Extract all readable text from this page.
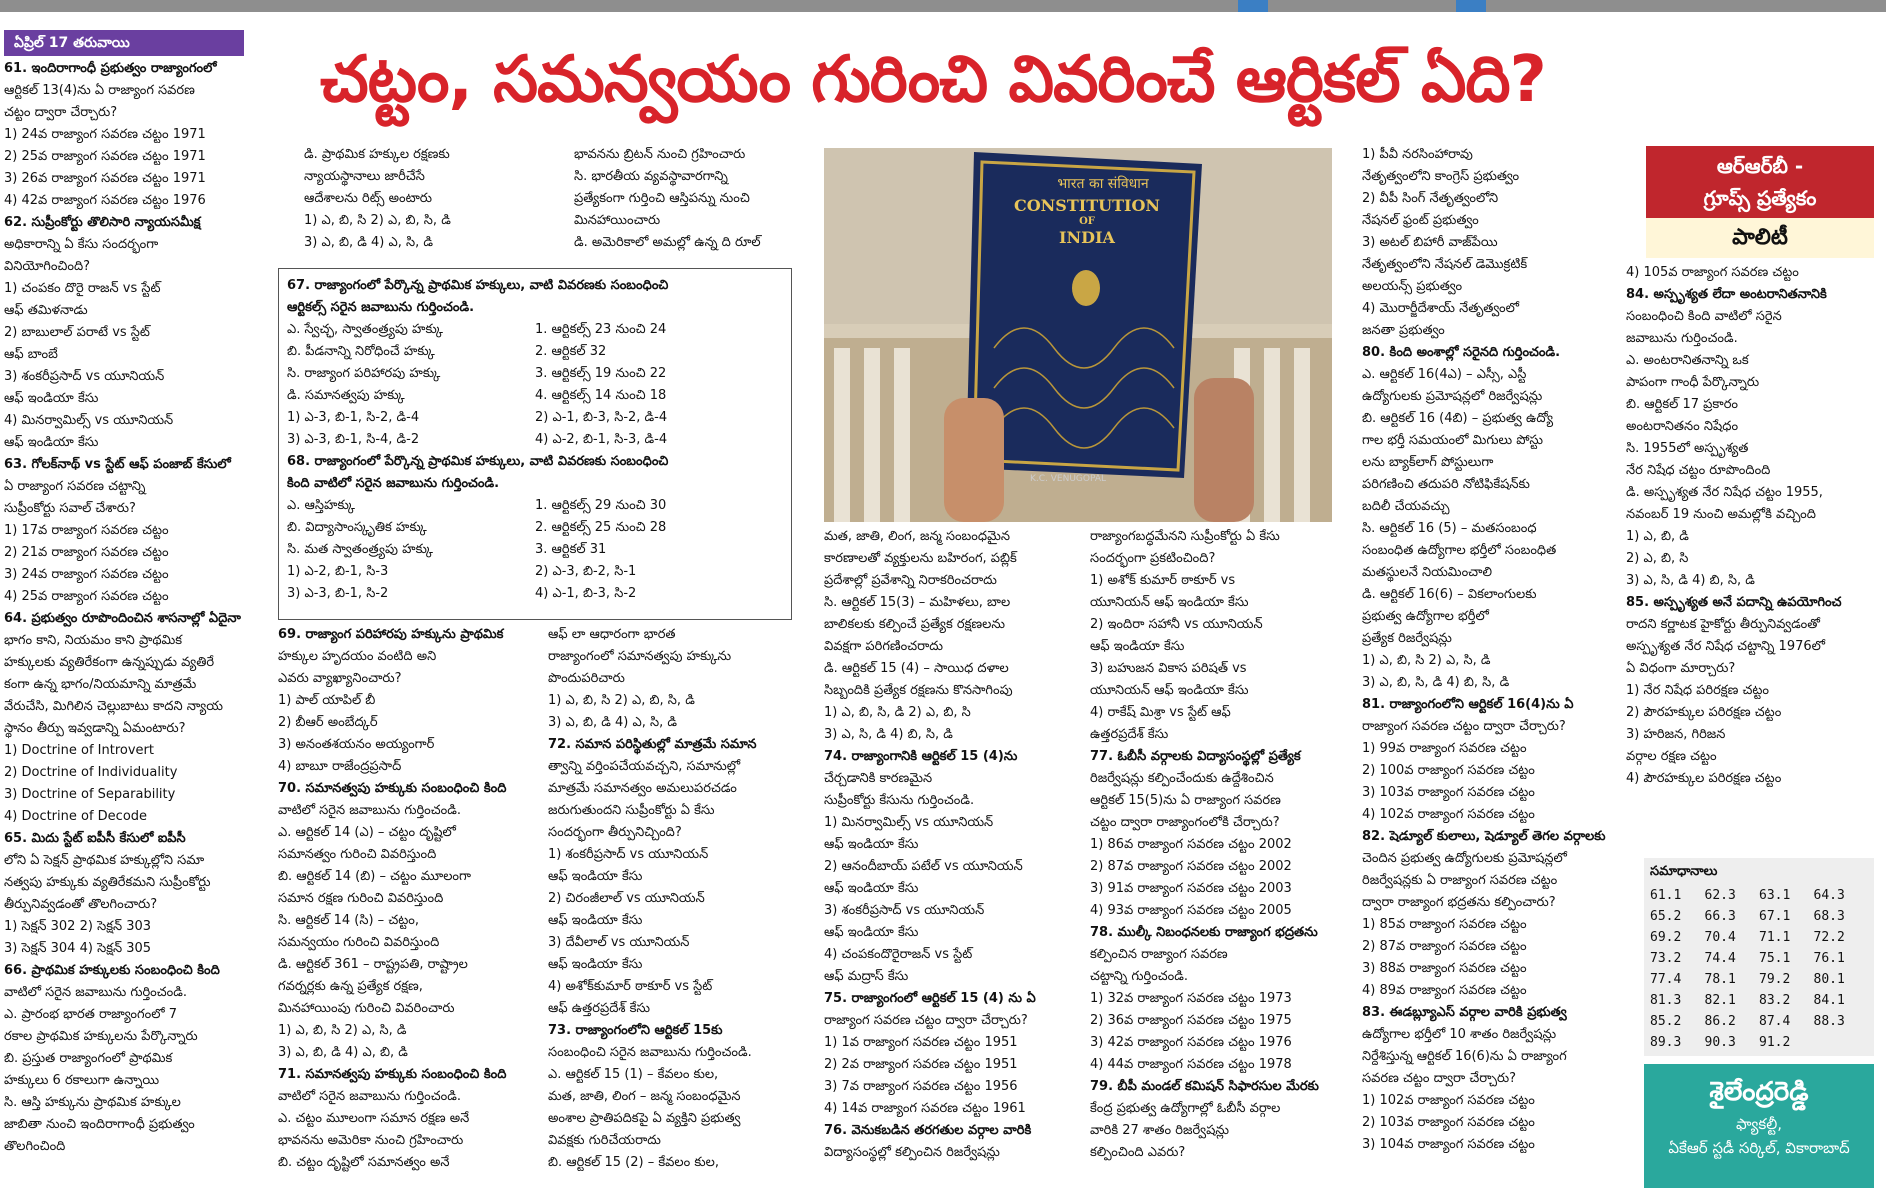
ఏప్రిల్ 17 తరువాయి	చట్టం, సమన్వయం గురించి వివరించే ఆర్టికల్ ఏది?

61. ఇందిరాగాంధీ ప్రభుత్వం రాజ్యాంగంలో

ఆర్టికల్ 13(4)ను ఏ రాజ్యాంగ సవరణ

చట్టం ద్వారా చేర్చారు?

1) 24వ రాజ్యాంగ సవరణ చట్టం 1971

2) 25వ రాజ్యాంగ సవరణ చట్టం 1971

3) 26వ రాజ్యాంగ సవరణ చట్టం 1971

4) 42వ రాజ్యాంగ సవరణ చట్టం 1976

62. సుప్రీంకోర్టు తొలిసారి న్యాయసమీక్ష

అధికారాన్ని ఏ కేసు సందర్భంగా

వినియోగించింది?

1) చంపకం దొరై రాజన్ vs స్టేట్

ఆఫ్ తమిళనాడు

2) బాబులాల్ పరాటే vs స్టేట్

ఆఫ్ బాంబే

3) శంకరీప్రసాద్ vs యూనియన్

ఆఫ్ ఇండియా కేసు

4) మినర్వామిల్స్ vs యూనియన్

ఆఫ్ ఇండియా కేసు

63. గోలక్‌నాథ్ vs స్టేట్ ఆఫ్ పంజాబ్ కేసులో

ఏ రాజ్యాంగ సవరణ చట్టాన్ని

సుప్రీంకోర్టు సవాల్ చేశారు?

1) 17వ రాజ్యాంగ సవరణ చట్టం

2) 21వ రాజ్యాంగ సవరణ చట్టం

3) 24వ రాజ్యాంగ సవరణ చట్టం

4) 25వ రాజ్యాంగ సవరణ చట్టం

64. ప్రభుత్వం రూపొందించిన శాసనాల్లో ఏదైనా

భాగం కాని, నియమం కాని ప్రాథమిక

హక్కులకు వ్యతిరేకంగా ఉన్నప్పుడు వ్యతిరే

కంగా ఉన్న భాగం/నియమాన్ని మాత్రమే

వేరుచేసి, మిగిలిన చెల్లుబాటు కాదని న్యాయ

స్థానం తీర్పు ఇవ్వడాన్ని ఏమంటారు?

1) Doctrine of Introvert

2) Doctrine of Individuality

3) Doctrine of Separability

4) Doctrine of Decode

65. మిదు స్టేట్ ఐపీసీ కేసులో ఐపీసీ

లోని ఏ సెక్షన్ ప్రాథమిక హక్కుల్లోని సమా

నత్వపు హక్కుకు వ్యతిరేకమని సుప్రీంకోర్టు

తీర్పునివ్వడంతో తొలగించారు?

1) సెక్షన్ 302 2) సెక్షన్ 303

3) సెక్షన్ 304 4) సెక్షన్ 305

66. ప్రాథమిక హక్కులకు సంబంధించి కింది

వాటిలో సరైన జవాబును గుర్తించండి.

ఎ. ప్రారంభ భారత రాజ్యాంగంలో 7

రకాల ప్రాథమిక హక్కులను పేర్కొన్నారు

బి. ప్రస్తుత రాజ్యాంగంలో ప్రాథమిక

హక్కులు 6 రకాలుగా ఉన్నాయి

సి. ఆస్తి హక్కును ప్రాథమిక హక్కుల

జాబితా నుంచి ఇందిరాగాంధీ ప్రభుత్వం

తొలగించింది

డి. ప్రాథమిక హక్కుల రక్షణకు

న్యాయస్థానాలు జారీచేసే

ఆదేశాలను రిట్స్ అంటారు

1) ఎ, బి, సి 2) ఎ, బి, సి, డి

3) ఎ, బి, డి 4) ఎ, సి, డి

భావనను బ్రిటన్ నుంచి గ్రహించారు

సి. భారతీయ వ్యవస్థావారగాన్ని

ప్రత్యేకంగా గుర్తించి ఆస్తిపన్ను నుంచి

మినహాయించారు

డి. అమెరికాలో అమల్లో ఉన్న ది రూల్

67. రాజ్యాంగంలో పేర్కొన్న ప్రాథమిక హక్కులు, వాటి వివరణకు సంబంధించి

ఆర్టికల్స్ సరైన జవాబును గుర్తించండి.

ఎ. స్వేచ్ఛ, స్వాతంత్ర్యపు హక్కు	1. ఆర్టికల్స్ 23 నుంచి 24
బి. పీడనాన్ని నిరోధించే హక్కు	2. ఆర్టికల్ 32
సి. రాజ్యాంగ పరిహారపు హక్కు	3. ఆర్టికల్స్ 19 నుంచి 22
డి. సమానత్వపు హక్కు	4. ఆర్టికల్స్ 14 నుంచి 18
1) ఎ-3, బి-1, సి-2, డి-4	2) ఎ-1, బి-3, సి-2, డి-4
3) ఎ-3, బి-1, సి-4, డి-2	4) ఎ-2, బి-1, సి-3, డి-4

68. రాజ్యాంగంలో పేర్కొన్న ప్రాథమిక హక్కులు, వాటి వివరణకు సంబంధించి

కింది వాటిలో సరైన జవాబును గుర్తించండి.

ఎ. ఆస్తిహక్కు	1. ఆర్టికల్స్ 29 నుంచి 30
బి. విద్యాసాంస్కృతిక హక్కు	2. ఆర్టికల్స్ 25 నుంచి 28
సి. మత స్వాతంత్ర్యపు హక్కు	3. ఆర్టికల్ 31
1) ఎ-2, బి-1, సి-3	2) ఎ-3, బి-2, సి-1
3) ఎ-3, బి-1, సి-2	4) ఎ-1, బి-3, సి-2

69. రాజ్యాంగ పరిహారపు హక్కును ప్రాథమిక

హక్కుల హృదయం వంటిది అని

ఎవరు వ్యాఖ్యానించారు?

1) పాల్ యాపిల్ బీ

2) బీఆర్ అంబేద్కర్

3) అనంతశయనం అయ్యంగార్

4) బాబూ రాజేంద్రప్రసాద్

70. సమానత్వపు హక్కుకు సంబంధించి కింది

వాటిలో సరైన జవాబును గుర్తించండి.

ఎ. ఆర్టికల్ 14 (ఎ) – చట్టం దృష్టిలో

సమానత్వం గురించి వివరిస్తుంది

బి. ఆర్టికల్ 14 (బి) – చట్టం మూలంగా

సమాన రక్షణ గురించి వివరిస్తుంది

సి. ఆర్టికల్ 14 (సి) – చట్టం,

సమన్వయం గురించి వివరిస్తుంది

డి. ఆర్టికల్ 361 – రాష్ట్రపతి, రాష్ట్రాల

గవర్నర్లకు ఉన్న ప్రత్యేక రక్షణ,

మినహాయింపు గురించి వివరించారు

1) ఎ, బి, సి 2) ఎ, సి, డి

3) ఎ, బి, డి 4) ఎ, బి, డి

71. సమానత్వపు హక్కుకు సంబంధించి కింది

వాటిలో సరైన జవాబును గుర్తించండి.

ఎ. చట్టం మూలంగా సమాన రక్షణ అనే

భావనను అమెరికా నుంచి గ్రహించారు

బి. చట్టం దృష్టిలో సమానత్వం అనే

ఆఫ్ లా ఆధారంగా భారత

రాజ్యాంగంలో సమానత్వపు హక్కును

పొందుపరిచారు

1) ఎ, బి, సి 2) ఎ, బి, సి, డి

3) ఎ, బి, డి 4) ఎ, సి, డి

72. సమాన పరిస్థితుల్లో మాత్రమే సమాన

త్వాన్ని వర్తింపచేయవచ్చని, సమానుల్లో

మాత్రమే సమానత్వం అమలుపరచడం

జరుగుతుందని సుప్రీంకోర్టు ఏ కేసు

సందర్భంగా తీర్పునిచ్చింది?

1) శంకరీప్రసాద్ vs యూనియన్

ఆఫ్ ఇండియా కేసు

2) చిరంజీలాల్ vs యూనియన్

ఆఫ్ ఇండియా కేసు

3) దేవీలాల్ vs యూనియన్

ఆఫ్ ఇండియా కేసు

4) అశోక్‌కుమార్ ఠాకూర్ vs స్టేట్

ఆఫ్ ఉత్తరప్రదేశ్ కేసు

73. రాజ్యాంగంలోని ఆర్టికల్ 15కు

సంబంధించి సరైన జవాబును గుర్తించండి.

ఎ. ఆర్టికల్ 15 (1) – కేవలం కుల,

మత, జాతి, లింగ – జన్మ సంబంధమైన

అంశాల ప్రాతిపదికపై ఏ వ్యక్తిని ప్రభుత్వ

వివక్షకు గురిచేయరాదు

బి. ఆర్టికల్ 15 (2) – కేవలం కుల,

भारत का संविधान
CONSTITUTION
OF
INDIA
K.C. VENUGOPAL

మత, జాతి, లింగ, జన్మ సంబంధమైన

కారణాలతో వ్యక్తులను బహిరంగ, పబ్లిక్

ప్రదేశాల్లో ప్రవేశాన్ని నిరాకరించరాదు

సి. ఆర్టికల్ 15(3) – మహిళలు, బాల

బాలికలకు కల్పించే ప్రత్యేక రక్షణలను

వివక్షగా పరిగణించరాదు

డి. ఆర్టికల్ 15 (4) – సాయిధ దళాల

సిబ్బందికి ప్రత్యేక రక్షణను కొనసాగింపు

1) ఎ, బి, సి, డి 2) ఎ, బి, సి

3) ఎ, సి, డి 4) బి, సి, డి

74. రాజ్యాంగానికి ఆర్టికల్ 15 (4)ను

చేర్చడానికి కారణమైన

సుప్రీంకోర్టు కేసును గుర్తించండి.

1) మినర్వామిల్స్ vs యూనియన్

ఆఫ్ ఇండియా కేసు

2) ఆనందీబాయ్ పటేల్ vs యూనియన్

ఆఫ్ ఇండియా కేసు

3) శంకరీప్రసాద్ vs యూనియన్

ఆఫ్ ఇండియా కేసు

4) చంపకందొరైరాజన్ vs స్టేట్

ఆఫ్ మద్రాస్ కేసు

75. రాజ్యాంగంలో ఆర్టికల్ 15 (4) ను ఏ

రాజ్యాంగ సవరణ చట్టం ద్వారా చేర్చారు?

1) 1వ రాజ్యాంగ సవరణ చట్టం 1951

2) 2వ రాజ్యాంగ సవరణ చట్టం 1951

3) 7వ రాజ్యాంగ సవరణ చట్టం 1956

4) 14వ రాజ్యాంగ సవరణ చట్టం 1961

76. వెనుకబడిన తరగతుల వర్గాల వారికి

విద్యాసంస్థల్లో కల్పించిన రిజర్వేషన్లు

రాజ్యాంగబద్ధమేనని సుప్రీంకోర్టు ఏ కేసు

సందర్భంగా ప్రకటించింది?

1) అశోక్‌ కుమార్ ఠాకూర్ vs

యూనియన్ ఆఫ్ ఇండియా కేసు

2) ఇందిరా సహానీ vs యూనియన్

ఆఫ్ ఇండియా కేసు

3) బహుజన వికాస పరిషత్ vs

యూనియన్ ఆఫ్ ఇండియా కేసు

4) రాకేష్ మిశ్రా vs స్టేట్ ఆఫ్

ఉత్తరప్రదేశ్ కేసు

77. ఓబీసీ వర్గాలకు విద్యాసంస్థల్లో ప్రత్యేక

రిజర్వేషన్లు కల్పించేందుకు ఉద్దేశించిన

ఆర్టికల్ 15(5)ను ఏ రాజ్యాంగ సవరణ

చట్టం ద్వారా రాజ్యాంగంలోకి చేర్చారు?

1) 86వ రాజ్యాంగ సవరణ చట్టం 2002

2) 87వ రాజ్యాంగ సవరణ చట్టం 2002

3) 91వ రాజ్యాంగ సవరణ చట్టం 2003

4) 93వ రాజ్యాంగ సవరణ చట్టం 2005

78. ముల్కీ నిబంధనలకు రాజ్యాంగ భద్రతను

కల్పించిన రాజ్యాంగ సవరణ

చట్టాన్ని గుర్తించండి.

1) 32వ రాజ్యాంగ సవరణ చట్టం 1973

2) 36వ రాజ్యాంగ సవరణ చట్టం 1975

3) 42వ రాజ్యాంగ సవరణ చట్టం 1976

4) 44వ రాజ్యాంగ సవరణ చట్టం 1978

79. బీపీ మండల్ కమిషన్ సిఫారసుల మేరకు

కేంద్ర ప్రభుత్వ ఉద్యోగాల్లో ఓబీసీ వర్గాల

వారికి 27 శాతం రిజర్వేషన్లు

కల్పించింది ఎవరు?

1) పీవీ నరసింహారావు

నేతృత్వంలోని కాంగ్రెస్ ప్రభుత్వం

2) వీపీ సింగ్ నేతృత్వంలోని

నేషనల్ ఫ్రంట్ ప్రభుత్వం

3) అటల్ బిహారీ వాజ్‌పేయి

నేతృత్వంలోని నేషనల్ డెమొక్రటిక్

అలయన్స్ ప్రభుత్వం

4) మొరార్జీదేశాయ్ నేతృత్వంలో

జనతా ప్రభుత్వం

80. కింది అంశాల్లో సరైనది గుర్తించండి.

ఎ. ఆర్టికల్ 16(4ఎ) – ఎస్సీ, ఎస్టీ

ఉద్యోగులకు ప్రమోషన్లలో రిజర్వేషన్లు

బి. ఆర్టికల్ 16 (4బి) – ప్రభుత్వ ఉద్యో

గాల భర్తీ సమయంలో మిగులు పోస్టు

లను బ్యాక్‌లాగ్ పోస్టులుగా

పరిగణించి తదుపరి నోటిఫికేషన్‌కు

బదిలీ చేయవచ్చు

సి. ఆర్టికల్ 16 (5) – మతసంబంధ

సంబంధిత ఉద్యోగాల భర్తీలో సంబంధిత

మతస్థులనే నియమించాలి

డి. ఆర్టికల్ 16(6) – వికలాంగులకు

ప్రభుత్వ ఉద్యోగాల భర్తీలో

ప్రత్యేక రిజర్వేషన్లు

1) ఎ, బి, సి 2) ఎ, సి, డి

3) ఎ, బి, సి, డి 4) బి, సి, డి

81. రాజ్యాంగంలోని ఆర్టికల్ 16(4)ను ఏ

రాజ్యాంగ సవరణ చట్టం ద్వారా చేర్చారు?

1) 99వ రాజ్యాంగ సవరణ చట్టం

2) 100వ రాజ్యాంగ సవరణ చట్టం

3) 103వ రాజ్యాంగ సవరణ చట్టం

4) 102వ రాజ్యాంగ సవరణ చట్టం

82. షెడ్యూల్ కులాలు, షెడ్యూల్ తెగల వర్గాలకు

చెందిన ప్రభుత్వ ఉద్యోగులకు ప్రమోషన్లలో

రిజర్వేషన్లకు ఏ రాజ్యాంగ సవరణ చట్టం

ద్వారా రాజ్యాంగ భద్రతను కల్పించారు?

1) 85వ రాజ్యాంగ సవరణ చట్టం

2) 87వ రాజ్యాంగ సవరణ చట్టం

3) 88వ రాజ్యాంగ సవరణ చట్టం

4) 89వ రాజ్యాంగ సవరణ చట్టం

83. ఈడబ్ల్యూఎస్ వర్గాల వారికి ప్రభుత్వ

ఉద్యోగాల భర్తీలో 10 శాతం రిజర్వేషన్లు

నిర్దేశిస్తున్న ఆర్టికల్ 16(6)ను ఏ రాజ్యాంగ

సవరణ చట్టం ద్వారా చేర్చారు?

1) 102వ రాజ్యాంగ సవరణ చట్టం

2) 103వ రాజ్యాంగ సవరణ చట్టం

3) 104వ రాజ్యాంగ సవరణ చట్టం

ఆర్ఆర్‌బీ -
గ్రూప్స్ ప్రత్యేకం
పాలిటీ

4) 105వ రాజ్యాంగ సవరణ చట్టం

84. అస్పృశ్యత లేదా అంటరానితనానికి

సంబంధించి కింది వాటిలో సరైన

జవాబును గుర్తించండి.

ఎ. అంటరానితనాన్ని ఒక

పాపంగా గాంధీ పేర్కొన్నారు

బి. ఆర్టికల్ 17 ప్రకారం

అంటరానితనం నిషేధం

సి. 1955లో అస్పృశ్యత

నేర నిషేధ చట్టం రూపొందింది

డి. అస్పృశ్యత నేర నిషేధ చట్టం 1955,

నవంబర్ 19 నుంచి అమల్లోకి వచ్చింది

1) ఎ, బి, డి

2) ఎ, బి, సి

3) ఎ, సి, డి 4) బి, సి, డి

85. అస్పృశ్యత అనే పదాన్ని ఉపయోగించ

రాదని కర్ణాటక హైకోర్టు తీర్పునివ్వడంతో

అస్పృశ్యత నేర నిషేధ చట్టాన్ని 1976లో

ఏ విధంగా మార్చారు?

1) నేర నిషేధ పరిరక్షణ చట్టం

2) పౌరహక్కుల పరిరక్షణ చట్టం

3) హరిజన, గిరిజన

వర్గాల రక్షణ చట్టం

4) పౌరహక్కుల పరిరక్షణ చట్టం

సమాధానాలు
61.1	62.3	63.1	64.3
65.2	66.3	67.1	68.3
69.2	70.4	71.1	72.2
73.2	74.4	75.1	76.1
77.4	78.1	79.2	80.1
81.3	82.1	83.2	84.1
85.2	86.2	87.4	88.3
89.3	90.3	91.2
శైలేంద్రరెడ్డి
ఫ్యాకల్టీ,
ఏకేఆర్ స్టడీ సర్కిల్, వికారాబాద్
